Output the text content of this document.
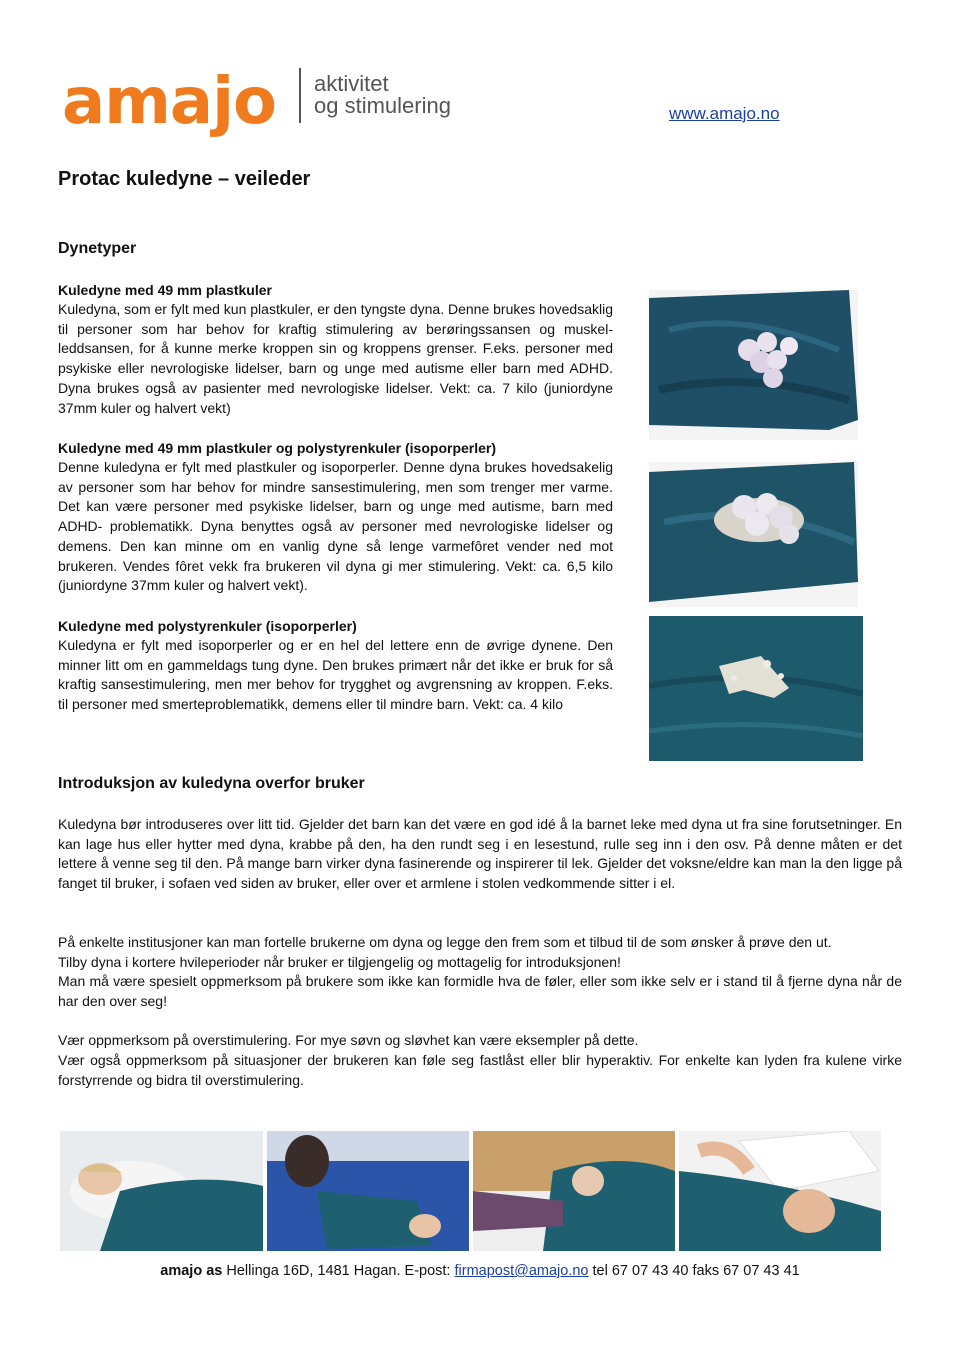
amajo aktivitet
og stimulering	www.amajo.no
Protac kuledyne – veileder
Dynetyper
Kuledyne med 49 mm plastkuler
Kuledyna, som er fylt med kun plastkuler, er den tyngste dyna. Denne brukes hovedsaklig til personer som har behov for kraftig stimulering av berøringssansen og muskel- leddsansen, for å kunne merke kroppen sin og kroppens grenser. F.eks. personer med psykiske eller nevrologiske lidelser, barn og unge med autisme eller barn med ADHD. Dyna brukes også av pasienter med nevrologiske lidelser. Vekt: ca. 7 kilo (juniordyne 37mm kuler og halvert vekt)
Kuledyne med 49 mm plastkuler og polystyrenkuler (isoporperler)
Denne kuledyna er fylt med plastkuler og isoporperler. Denne dyna brukes hovedsakelig av personer som har behov for mindre sansestimulering, men som trenger mer varme. Det kan være personer med psykiske lidelser, barn og unge med autisme, barn med ADHD- problematikk. Dyna benyttes også av personer med nevrologiske lidelser og demens. Den kan minne om en vanlig dyne så lenge varmefôret vender ned mot brukeren. Vendes fôret vekk fra brukeren vil dyna gi mer stimulering. Vekt: ca. 6,5 kilo (juniordyne 37mm kuler og halvert vekt).
Kuledyne med polystyrenkuler (isoporperler)
Kuledyna er fylt med isoporperler og er en hel del lettere enn de øvrige dynene. Den minner litt om en gammeldags tung dyne. Den brukes primært når det ikke er bruk for så kraftig sansestimulering, men mer behov for trygghet og avgrensning av kroppen. F.eks. til personer med smerteproblematikk, demens eller til mindre barn. Vekt: ca. 4 kilo
Introduksjon av kuledyna overfor bruker
Kuledyna bør introduseres over litt tid. Gjelder det barn kan det være en god idé å la barnet leke med dyna ut fra sine forutsetninger. En kan lage hus eller hytter med dyna, krabbe på den, ha den rundt seg i en lesestund, rulle seg inn i den osv. På denne måten er det lettere å venne seg til den. På mange barn virker dyna fasinerende og inspirerer til lek. Gjelder det voksne/eldre kan man la den ligge på fanget til bruker, i sofaen ved siden av bruker, eller over et armlene i stolen vedkommende sitter i el.
På enkelte institusjoner kan man fortelle brukerne om dyna og legge den frem som et tilbud til de som ønsker å prøve den ut.
Tilby dyna i kortere hvileperioder når bruker er tilgjengelig og mottagelig for introduksjonen!
Man må være spesielt oppmerksom på brukere som ikke kan formidle hva de føler, eller som ikke selv er i stand til å fjerne dyna når de har den over seg!
Vær oppmerksom på overstimulering. For mye søvn og sløvhet kan være eksempler på dette.
Vær også oppmerksom på situasjoner der brukeren kan føle seg fastlåst eller blir hyperaktiv. For enkelte kan lyden fra kulene virke forstyrrende og bidra til overstimulering.
amajo as Hellinga 16D, 1481 Hagan. E-post: firmapost@amajo.no tel 67 07 43 40 faks 67 07 43 41
